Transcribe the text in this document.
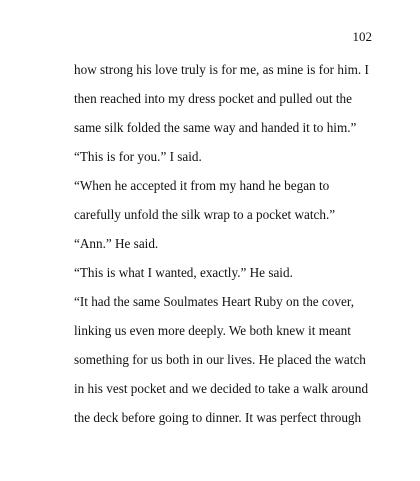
102
how strong his love truly is for me, as mine is for him. I
then reached into my dress pocket and pulled out the
same silk folded the same way and handed it to him.”
“This is for you.” I said.
“When he accepted it from my hand he began to
carefully unfold the silk wrap to a pocket watch.”
“Ann.” He said.
“This is what I wanted, exactly.” He said.
“It had the same Soulmates Heart Ruby on the cover,
linking us even more deeply. We both knew it meant
something for us both in our lives. He placed the watch
in his vest pocket and we decided to take a walk around
the deck before going to dinner. It was perfect through
